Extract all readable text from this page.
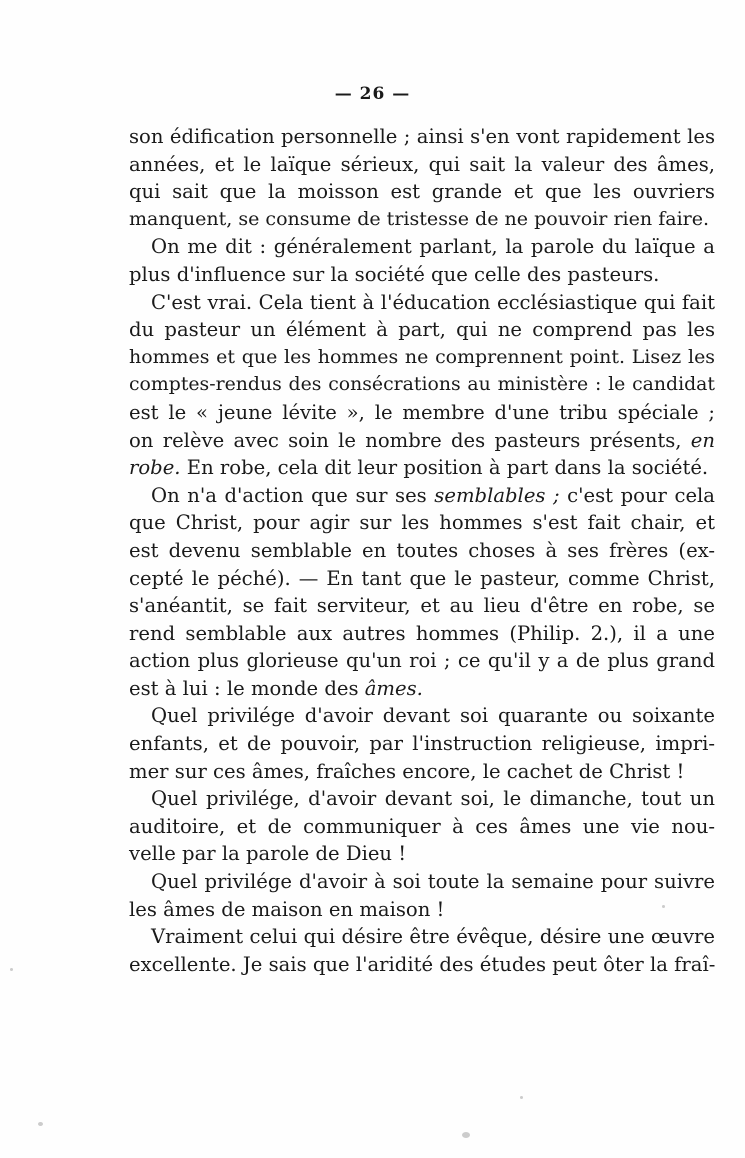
— 26 —
son édification personnelle ; ainsi s'en vont rapidement les
années, et le laïque sérieux, qui sait la valeur des âmes,
qui sait que la moisson est grande et que les ouvriers
manquent, se consume de tristesse de ne pouvoir rien faire.
On me dit : généralement parlant, la parole du laïque a
plus d'influence sur la société que celle des pasteurs.
C'est vrai. Cela tient à l'éducation ecclésiastique qui fait
du pasteur un élément à part, qui ne comprend pas les
hommes et que les hommes ne comprennent point. Lisez les
comptes-rendus des consécrations au ministère : le candidat
est le « jeune lévite », le membre d'une tribu spéciale ;
on relève avec soin le nombre des pasteurs présents, en
robe. En robe, cela dit leur position à part dans la société.
On n'a d'action que sur ses semblables ; c'est pour cela
que Christ, pour agir sur les hommes s'est fait chair, et
est devenu semblable en toutes choses à ses frères (ex-
cepté le péché). — En tant que le pasteur, comme Christ,
s'anéantit, se fait serviteur, et au lieu d'être en robe, se
rend semblable aux autres hommes (Philip. 2.), il a une
action plus glorieuse qu'un roi ; ce qu'il y a de plus grand
est à lui : le monde des âmes.
Quel privilége d'avoir devant soi quarante ou soixante
enfants, et de pouvoir, par l'instruction religieuse, impri-
mer sur ces âmes, fraîches encore, le cachet de Christ !
Quel privilége, d'avoir devant soi, le dimanche, tout un
auditoire, et de communiquer à ces âmes une vie nou-
velle par la parole de Dieu !
Quel privilége d'avoir à soi toute la semaine pour suivre
les âmes de maison en maison !
Vraiment celui qui désire être évêque, désire une œuvre
excellente. Je sais que l'aridité des études peut ôter la fraî-
